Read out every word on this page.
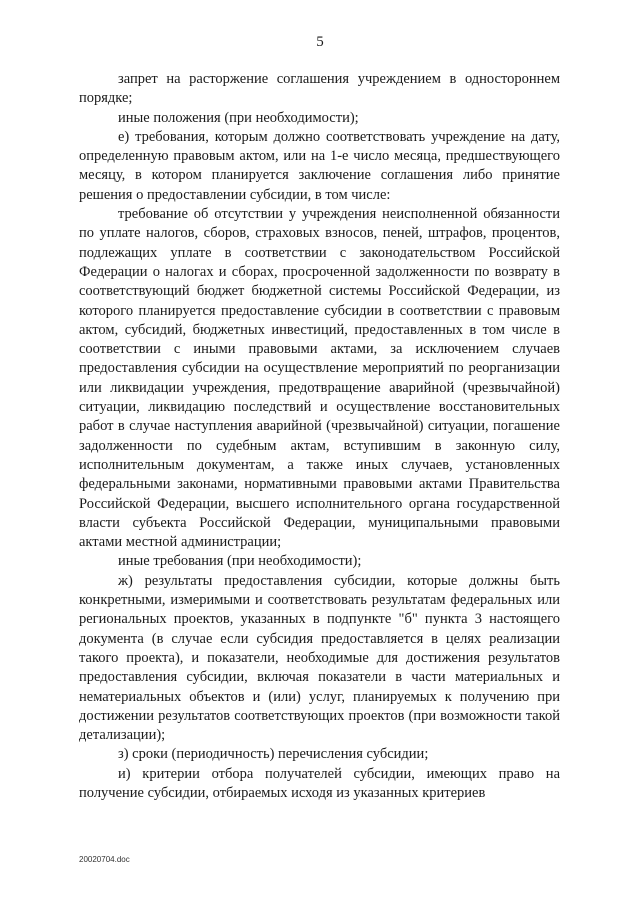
5

запрет на расторжение соглашения учреждением в одностороннем порядке;

иные положения (при необходимости);

е) требования, которым должно соответствовать учреждение на дату, определенную правовым актом, или на 1-е число месяца, предшествующего месяцу, в котором планируется заключение соглашения либо принятие решения о предоставлении субсидии, в том числе:

требование об отсутствии у учреждения неисполненной обязанности по уплате налогов, сборов, страховых взносов, пеней, штрафов, процентов, подлежащих уплате в соответствии с законодательством Российской Федерации о налогах и сборах, просроченной задолженности по возврату в соответствующий бюджет бюджетной системы Российской Федерации, из которого планируется предоставление субсидии в соответствии с правовым актом, субсидий, бюджетных инвестиций, предоставленных в том числе в соответствии с иными правовыми актами, за исключением случаев предоставления субсидии на осуществление мероприятий по реорганизации или ликвидации учреждения, предотвращение аварийной (чрезвычайной) ситуации, ликвидацию последствий и осуществление восстановительных работ в случае наступления аварийной (чрезвычайной) ситуации, погашение задолженности по судебным актам, вступившим в законную силу, исполнительным документам, а также иных случаев, установленных федеральными законами, нормативными правовыми актами Правительства Российской Федерации, высшего исполнительного органа государственной власти субъекта Российской Федерации, муниципальными правовыми актами местной администрации;

иные требования (при необходимости);

ж) результаты предоставления субсидии, которые должны быть конкретными, измеримыми и соответствовать результатам федеральных или региональных проектов, указанных в подпункте "б" пункта 3 настоящего документа (в случае если субсидия предоставляется в целях реализации такого проекта), и показатели, необходимые для достижения результатов предоставления субсидии, включая показатели в части материальных и нематериальных объектов и (или) услуг, планируемых к получению при достижении результатов соответствующих проектов (при возможности такой детализации);

з) сроки (периодичность) перечисления субсидии;

и) критерии отбора получателей субсидии, имеющих право на получение субсидии, отбираемых исходя из указанных критериев

20020704.doc
